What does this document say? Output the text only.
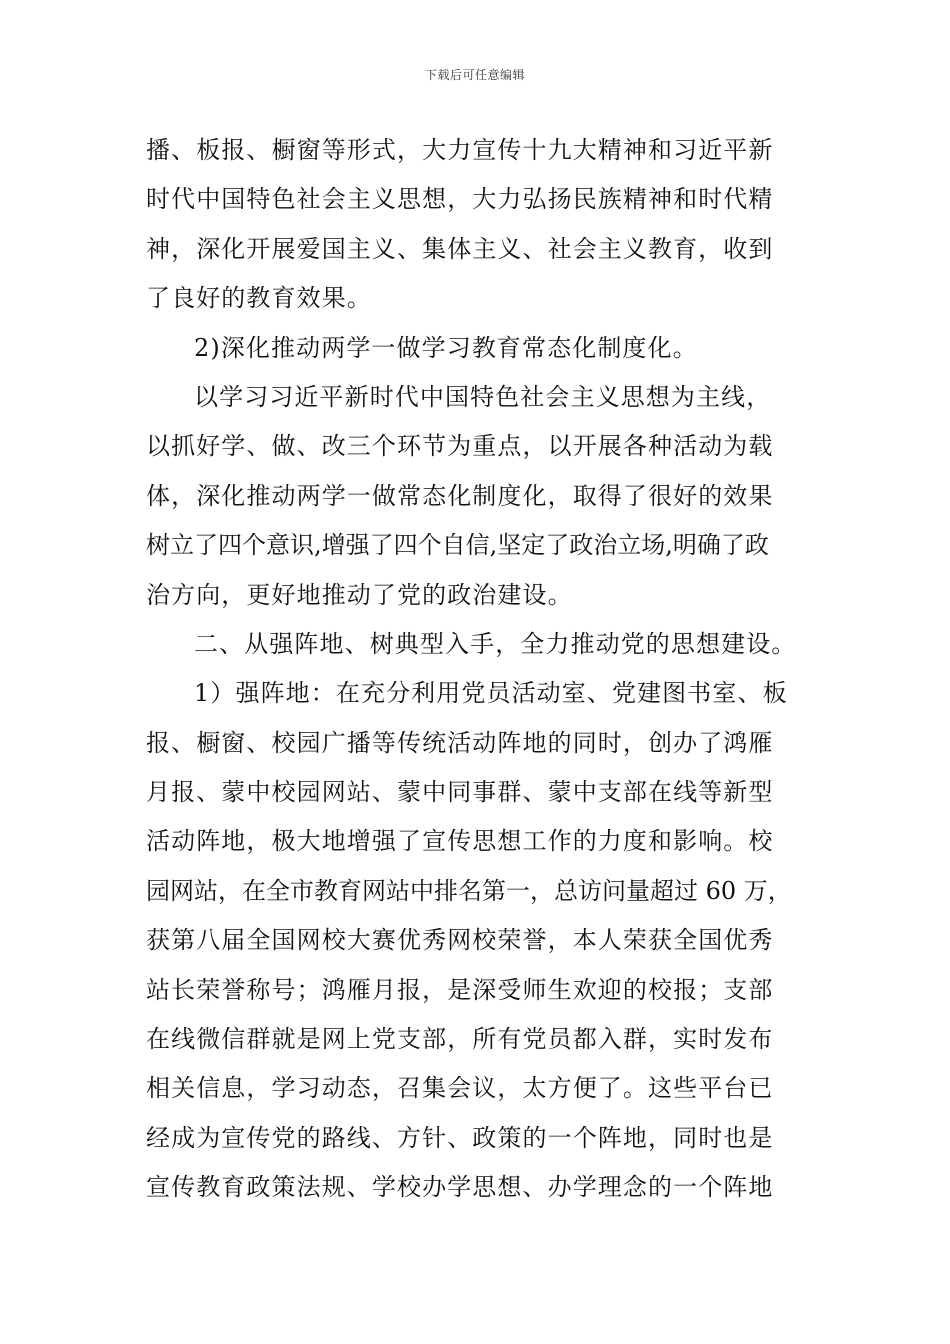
下载后可任意编辑
播、板报、橱窗等形式，大力宣传十九大精神和习近平新
时代中国特色社会主义思想，大力弘扬民族精神和时代精
神，深化开展爱国主义、集体主义、社会主义教育，收到
了良好的教育效果。
2)深化推动两学一做学习教育常态化制度化。
以学习习近平新时代中国特色社会主义思想为主线，
以抓好学、做、改三个环节为重点，以开展各种活动为载
体，深化推动两学一做常态化制度化，取得了很好的效果
树立了四个意识,增强了四个自信,坚定了政治立场,明确了政
治方向，更好地推动了党的政治建设。
二、从强阵地、树典型入手，全力推动党的思想建设。
1）强阵地：在充分利用党员活动室、党建图书室、板
报、橱窗、校园广播等传统活动阵地的同时，创办了鸿雁
月报、蒙中校园网站、蒙中同事群、蒙中支部在线等新型
活动阵地，极大地增强了宣传思想工作的力度和影响。校
园网站，在全市教育网站中排名第一，总访问量超过 60 万，
获第八届全国网校大赛优秀网校荣誉，本人荣获全国优秀
站长荣誉称号；鸿雁月报，是深受师生欢迎的校报；支部
在线微信群就是网上党支部，所有党员都入群，实时发布
相关信息，学习动态，召集会议，太方便了。这些平台已
经成为宣传党的路线、方针、政策的一个阵地，同时也是
宣传教育政策法规、学校办学思想、办学理念的一个阵地
